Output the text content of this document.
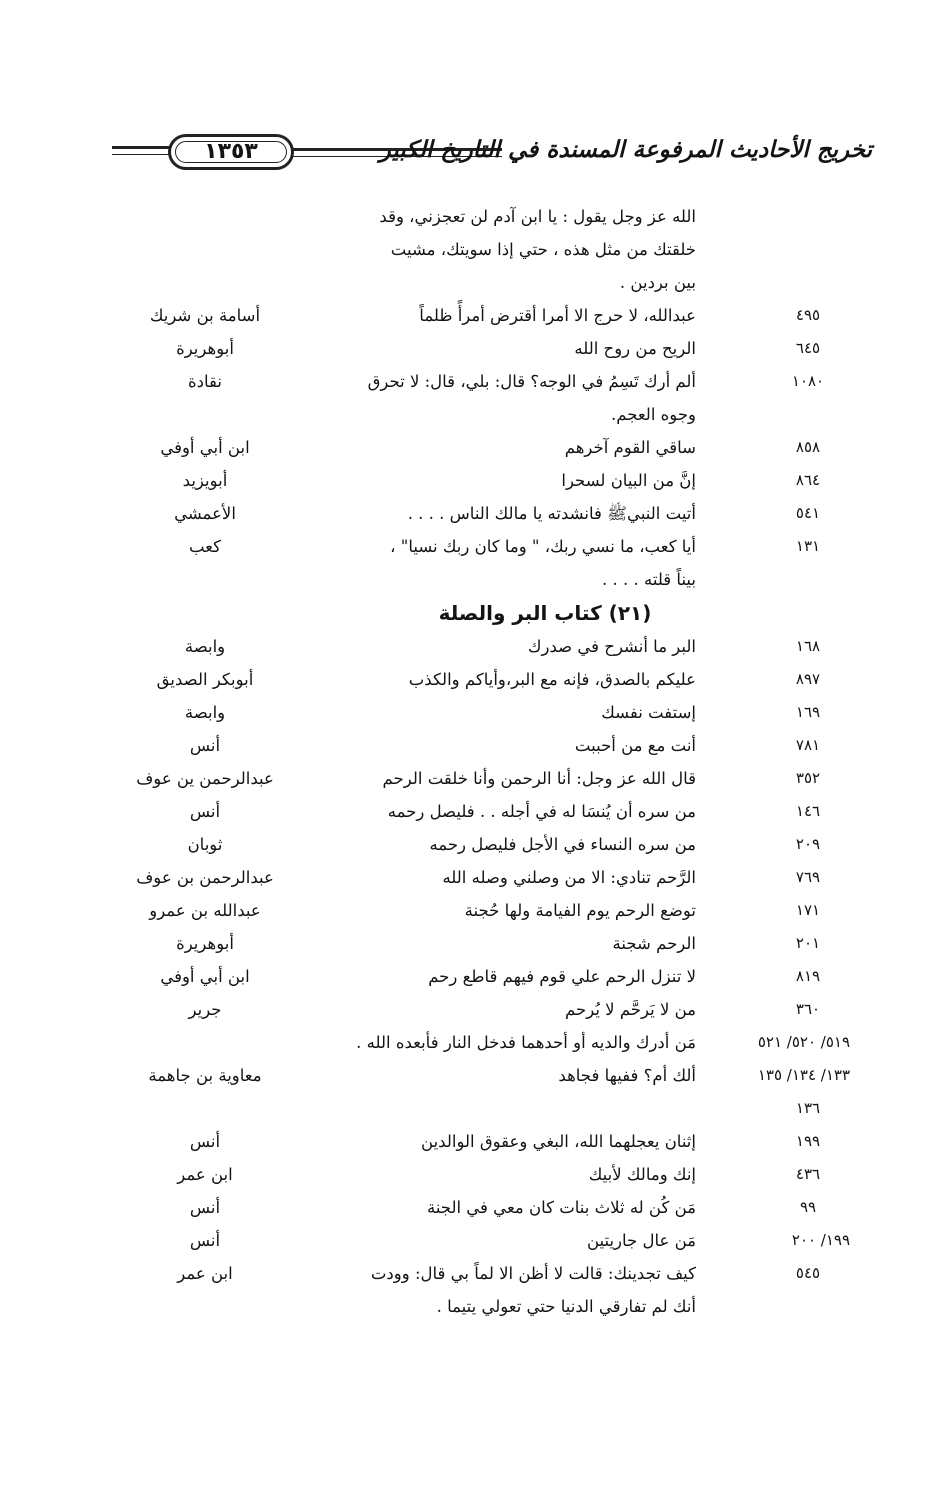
١٣٥٣	تخريج الأحاديث المرفوعة المسندة في التاريخ الكبير
الله عز وجل يقول : يا ابن آدم لن تعجزني، وقد
خلقتك من مثل هذه ، حتي إذا سويتك، مشيت
بين بردين .
٤٩٥
عبدالله، لا حرج الا أمرا أقترض أمرأً ظلماً
أسامة بن شريك
٦٤٥
الريح من روح الله
أبوهريرة
١٠٨٠
ألم أرك تَسِمُ في الوجه؟ قال: بلي، قال: لا تحرق
نقادة
وجوه العجم.
٨٥٨
ساقي القوم آخرهم
ابن أبي أوفي
٨٦٤
إنَّ من البيان لسحرا
أبويزيد
٥٤١
أتيت النبيﷺ فانشدته يا مالك الناس . . . .
الأعمشي
١٣١
أيا كعب، ما نسي ربك، " وما كان ربك نسيا" ،
كعب
بيناً قلته . . . .
(٢١) كتاب البر والصلة
١٦٨
البر ما أنشرح في صدرك
وابصة
٨٩٧
عليكم بالصدق، فإنه مع البر،وأياكم والكذب
أبوبكر الصديق
١٦٩
إستفت نفسك
وابصة
٧٨١
أنت مع من أحببت
أنس
٣٥٢
قال الله عز وجل: أنا الرحمن وأنا خلقت الرحم
عبدالرحمن ين عوف
١٤٦
من سره أن يُنسَا له في أجله . . فليصل رحمه
أنس
٢٠٩
من سره النساء في الأجل فليصل رحمه
ثوبان
٧٦٩
الرَّحم تنادي: الا من وصلني وصله الله
عبدالرحمن بن عوف
١٧١
توضع الرحم يوم الفيامة ولها حُجنة
عبدالله بن عمرو
٢٠١
الرحم شجنة
أبوهريرة
٨١٩
لا تنزل الرحم علي قوم فيهم قاطع رحم
ابن أبي أوفي
٣٦٠
من لا يَرحَّم لا يُرحم
جرير
٥١٩/ ٥٢٠/ ٥٢١
مَن أدرك والديه أو أحدهما فدخل النار فأبعده الله .
١٣٣/ ١٣٤/ ١٣٥
ألك أم؟ ففيها فجاهد
معاوية بن جاهمة
١٣٦
١٩٩
إثنان يعجلهما الله، البغي وعقوق الوالدين
أنس
٤٣٦
إنك ومالك لأبيك
ابن عمر
٩٩
مَن كُن له ثلاث بنات كان معي في الجنة
أنس
١٩٩/ ٢٠٠
مَن عال جاريتين
أنس
٥٤٥
كيف تجدينك: قالت لا أظن الا لماً بي قال: وودت
ابن عمر
أنك لم تفارقي الدنيا حتي تعولي يتيما .
